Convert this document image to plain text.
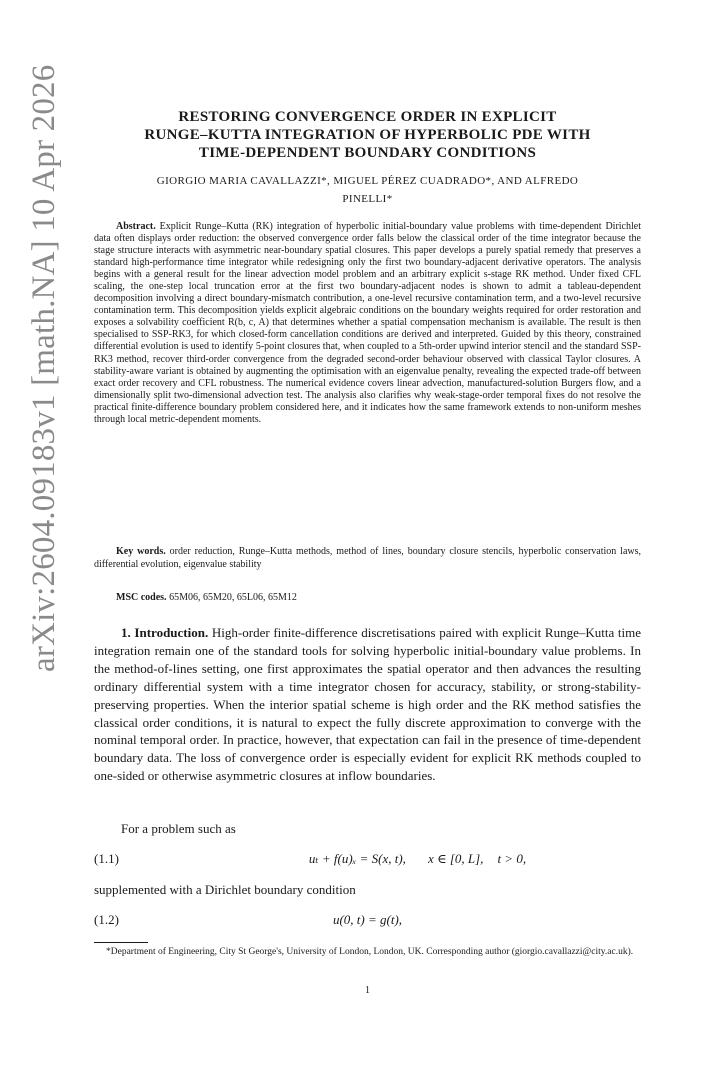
arXiv:2604.09183v1 [math.NA] 10 Apr 2026	RESTORING CONVERGENCE ORDER IN EXPLICIT
RUNGE–KUTTA INTEGRATION OF HYPERBOLIC PDE WITH
TIME-DEPENDENT BOUNDARY CONDITIONS
GIORGIO MARIA CAVALLAZZI*, MIGUEL PÉREZ CUADRADO*, AND ALFREDO
PINELLI*

Abstract. Explicit Runge–Kutta (RK) integration of hyperbolic initial-boundary value problems with time-dependent Dirichlet data often displays order reduction: the observed convergence order falls below the classical order of the time integrator because the stage structure interacts with asymmetric near-boundary spatial closures. This paper develops a purely spatial remedy that preserves a standard high-performance time integrator while redesigning only the first two boundary-adjacent derivative operators. The analysis begins with a general result for the linear advection model problem and an arbitrary explicit s-stage RK method. Under fixed CFL scaling, the one-step local truncation error at the first two boundary-adjacent nodes is shown to admit a tableau-dependent decomposition involving a direct boundary-mismatch contribution, a one-level recursive contamination term, and a two-level recursive contamination term. This decomposition yields explicit algebraic conditions on the boundary weights required for order restoration and exposes a solvability coefficient R(b, c, A) that determines whether a spatial compensation mechanism is available. The result is then specialised to SSP-RK3, for which closed-form cancellation conditions are derived and interpreted. Guided by this theory, constrained differential evolution is used to identify 5-point closures that, when coupled to a 5th-order upwind interior stencil and the standard SSP-RK3 method, recover third-order convergence from the degraded second-order behaviour observed with classical Taylor closures. A stability-aware variant is obtained by augmenting the optimisation with an eigenvalue penalty, revealing the expected trade-off between exact order recovery and CFL robustness. The numerical evidence covers linear advection, manufactured-solution Burgers flow, and a dimensionally split two-dimensional advection test. The analysis also clarifies why weak-stage-order temporal fixes do not resolve the practical finite-difference boundary problem considered here, and it indicates how the same framework extends to non-uniform meshes through local metric-dependent moments.

Key words. order reduction, Runge–Kutta methods, method of lines, boundary closure stencils, hyperbolic conservation laws, differential evolution, eigenvalue stability

MSC codes. 65M06, 65M20, 65L06, 65M12

1. Introduction. High-order finite-difference discretisations paired with explicit Runge–Kutta time integration remain one of the standard tools for solving hyperbolic initial-boundary value problems. In the method-of-lines setting, one first approximates the spatial operator and then advances the resulting ordinary differential system with a time integrator chosen for accuracy, stability, or strong-stability-preserving properties. When the interior spatial scheme is high order and the RK method satisfies the classical order conditions, it is natural to expect the fully discrete approximation to converge with the nominal temporal order. In practice, however, that expectation can fail in the presence of time-dependent boundary data. The loss of convergence order is especially evident for explicit RK methods coupled to one-sided or otherwise asymmetric closures at inflow boundaries.

For a problem such as

(1.1)	uₜ + f(u)ₓ = S(x, t), x ∈ [0, L], t > 0,

supplemented with a Dirichlet boundary condition

(1.2)	u(0, t) = g(t),

*Department of Engineering, City St George's, University of London, London, UK. Corresponding author (giorgio.cavallazzi@city.ac.uk).

1
